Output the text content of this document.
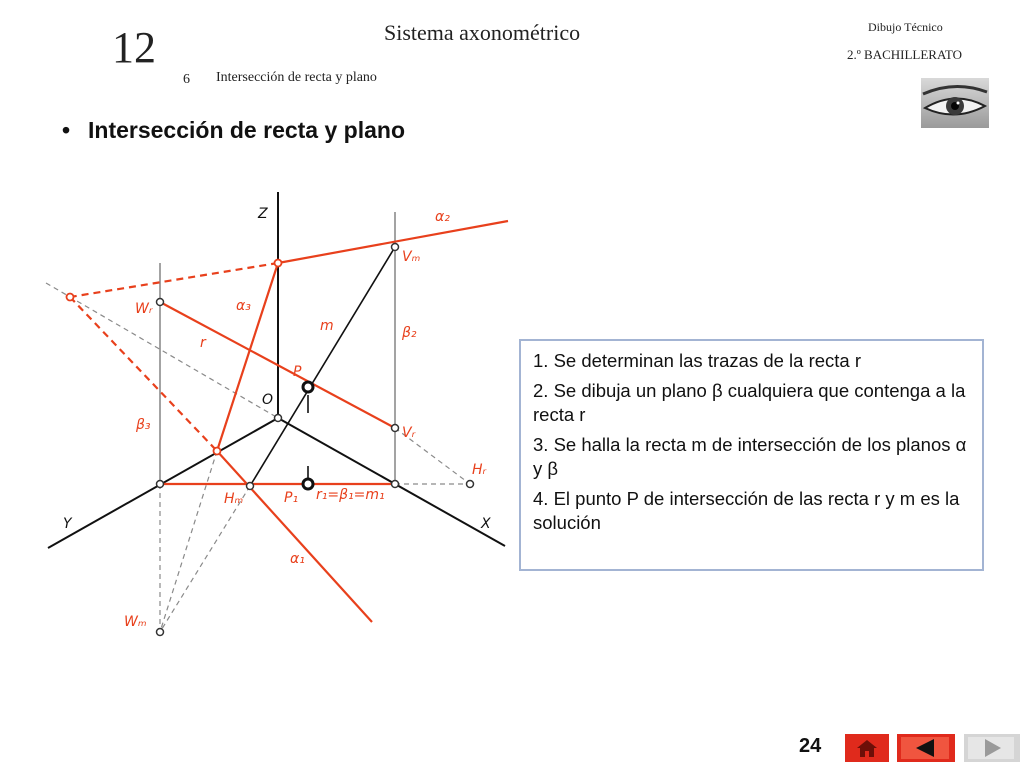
12
6
Sistema axonométrico
Intersección de recta y plano
Dibujo Técnico
2.º BACHILLERATO
• Intersección de recta y plano
Z
O
Y	X
α₂
Vₘ
Wᵣ	α₃
m	β₂
r
P
β₃	Vᵣ
Hᵣ
Hₘ	P₁ r₁=β₁=m₁
α₁
Wₘ

1. Se determinan las trazas de la recta r

2. Se dibuja un plano β cualquiera que contenga a la recta r

3. Se halla la recta m de intersección de los planos α y β

4. El punto P de intersección de las recta r y m es la solución

24
